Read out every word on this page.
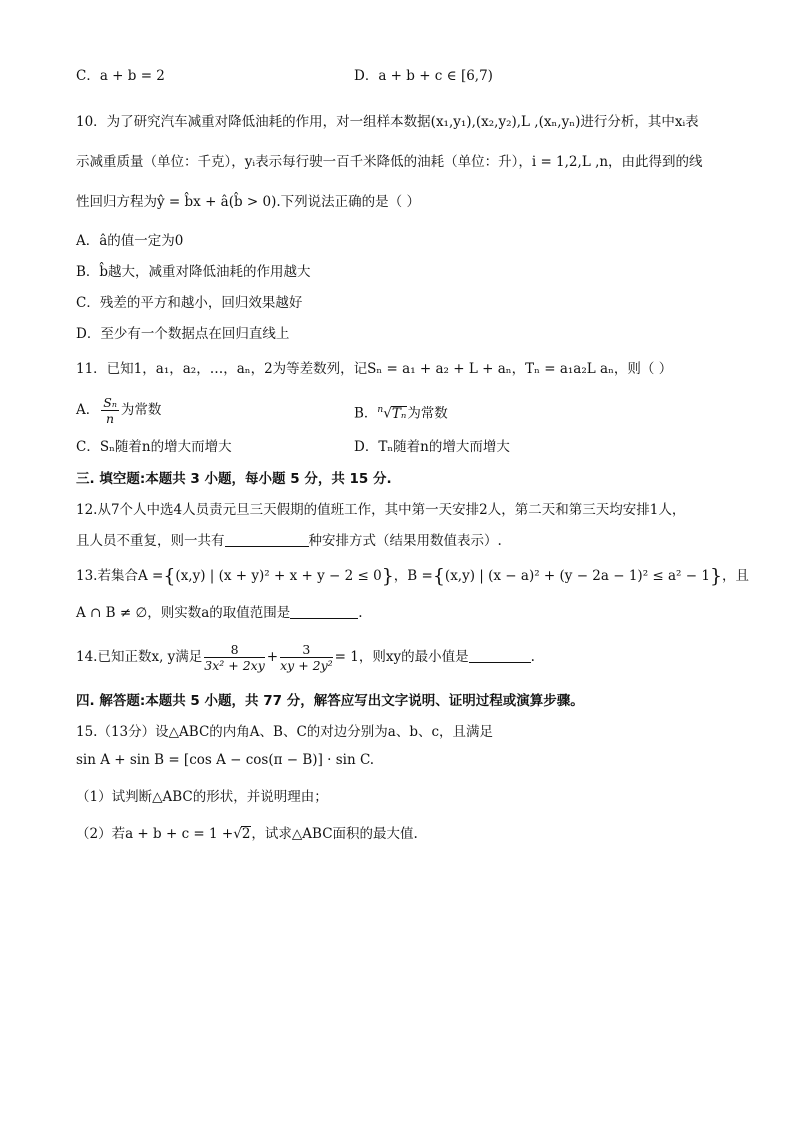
C．a + b = 2	D．a + b + c ∈ [6,7)
10．为了研究汽车减重对降低油耗的作用，对一组样本数据(x₁,y₁),(x₂,y₂),L ,(xₙ,yₙ)进行分析，其中xᵢ表
示减重质量（单位：千克），yᵢ表示每行驶一百千米降低的油耗（单位：升），i = 1,2,L ,n，由此得到的线
性回归方程为ŷ = b̂x + â(b̂ > 0).下列说法正确的是（ ）
A．â的值一定为0
B．b̂越大，减重对降低油耗的作用越大
C．残差的平方和越小，回归效果越好
D．至少有一个数据点在回归直线上
11．已知1，a₁，a₂，…，aₙ，2为等差数列，记Sₙ = a₁ + a₂ + L + aₙ，Tₙ = a₁a₂L aₙ，则（ ）
A． $\frac{\text{Sₙ}}{n}$ 为常数	B．$^n$√Tₙ为常数
C．Sₙ随着n的增大而增大	D．Tₙ随着n的增大而增大
三. 填空题:本题共 3 小题，每小题 5 分，共 15 分.
12.从7个人中选4人员责元旦三天假期的值班工作，其中第一天安排2人，第二天和第三天均安排1人，
且人员不重复，则一共有	种安排方式（结果用数值表示）.
13.若集合A ={(x,y) | (x + y)² + x + y − 2 ≤ 0}，B ={(x,y) | (x − a)² + (y − 2a − 1)² ≤ a² − 1}，且
A ∩ B ≠ ∅，则实数a的取值范围是	.
14.已知正数x, y满足 $\frac{8}{\text{3x² + 2xy}} + \frac{3}{\text{xy + 2y²}} = 1$，则xy的最小值是	.
四. 解答题:本题共 5 小题，共 77 分，解答应写出文字说明、证明过程或演算步骤。
15.（13分）设△ABC的内角A、B、C的对边分别为a、b、c，且满足
sin A + sin B = [cos A − cos(π − B)] · sin C.
（1）试判断△ABC的形状，并说明理由；
（2）若a + b + c = 1 +√2，试求△ABC面积的最大值.
